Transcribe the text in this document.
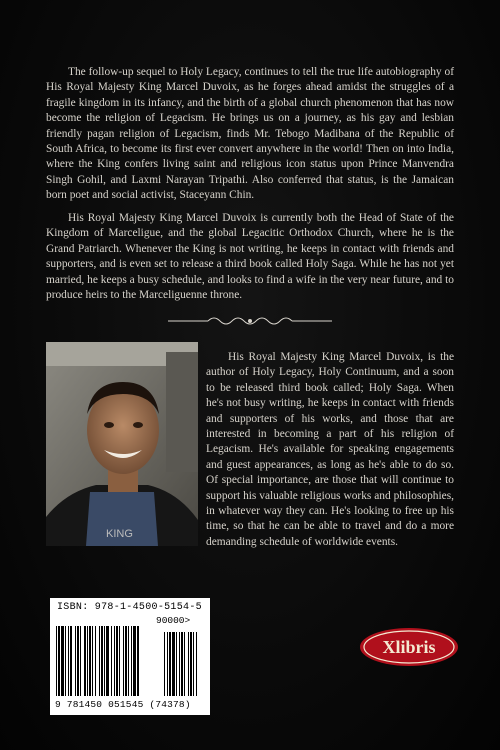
The follow-up sequel to Holy Legacy, continues to tell the true life autobiography of His Royal Majesty King Marcel Duvoix, as he forges ahead amidst the struggles of a fragile kingdom in its infancy, and the birth of a global church phenomenon that has now become the religion of Legacism. He brings us on a journey, as his gay and lesbian friendly pagan religion of Legacism, finds Mr. Tebogo Madibana of the Republic of South Africa, to become its first ever convert anywhere in the world! Then on into India, where the King confers living saint and religious icon status upon Prince Manvendra Singh Gohil, and Laxmi Narayan Tripathi. Also conferred that status, is the Jamaican born poet and social activist, Staceyann Chin.

His Royal Majesty King Marcel Duvoix is currently both the Head of State of the Kingdom of Marceligue, and the global Legacitic Orthodox Church, where he is the Grand Patriarch. Whenever the King is not writing, he keeps in contact with friends and supporters, and is even set to release a third book called Holy Saga. While he has not yet married, he keeps a busy schedule, and looks to find a wife in the very near future, and to produce heirs to the Marceliguenne throne.

KING

His Royal Majesty King Marcel Duvoix, is the author of Holy Legacy, Holy Continuum, and a soon to be released third book called; Holy Saga. When he's not busy writing, he keeps in contact with friends and supporters of his works, and those that are interested in becoming a part of his religion of Legacism. He's available for speaking engagements and guest appearances, as long as he's able to do so. Of special importance, are those that will continue to support his valuable religious works and philosophies, in whatever way they can. He's looking to free up his time, so that he can be able to travel and do a more demanding schedule of worldwide events.

ISBN: 978-1-4500-5154-5
90000>
9 781450 051545 (74378)
Xlibris
